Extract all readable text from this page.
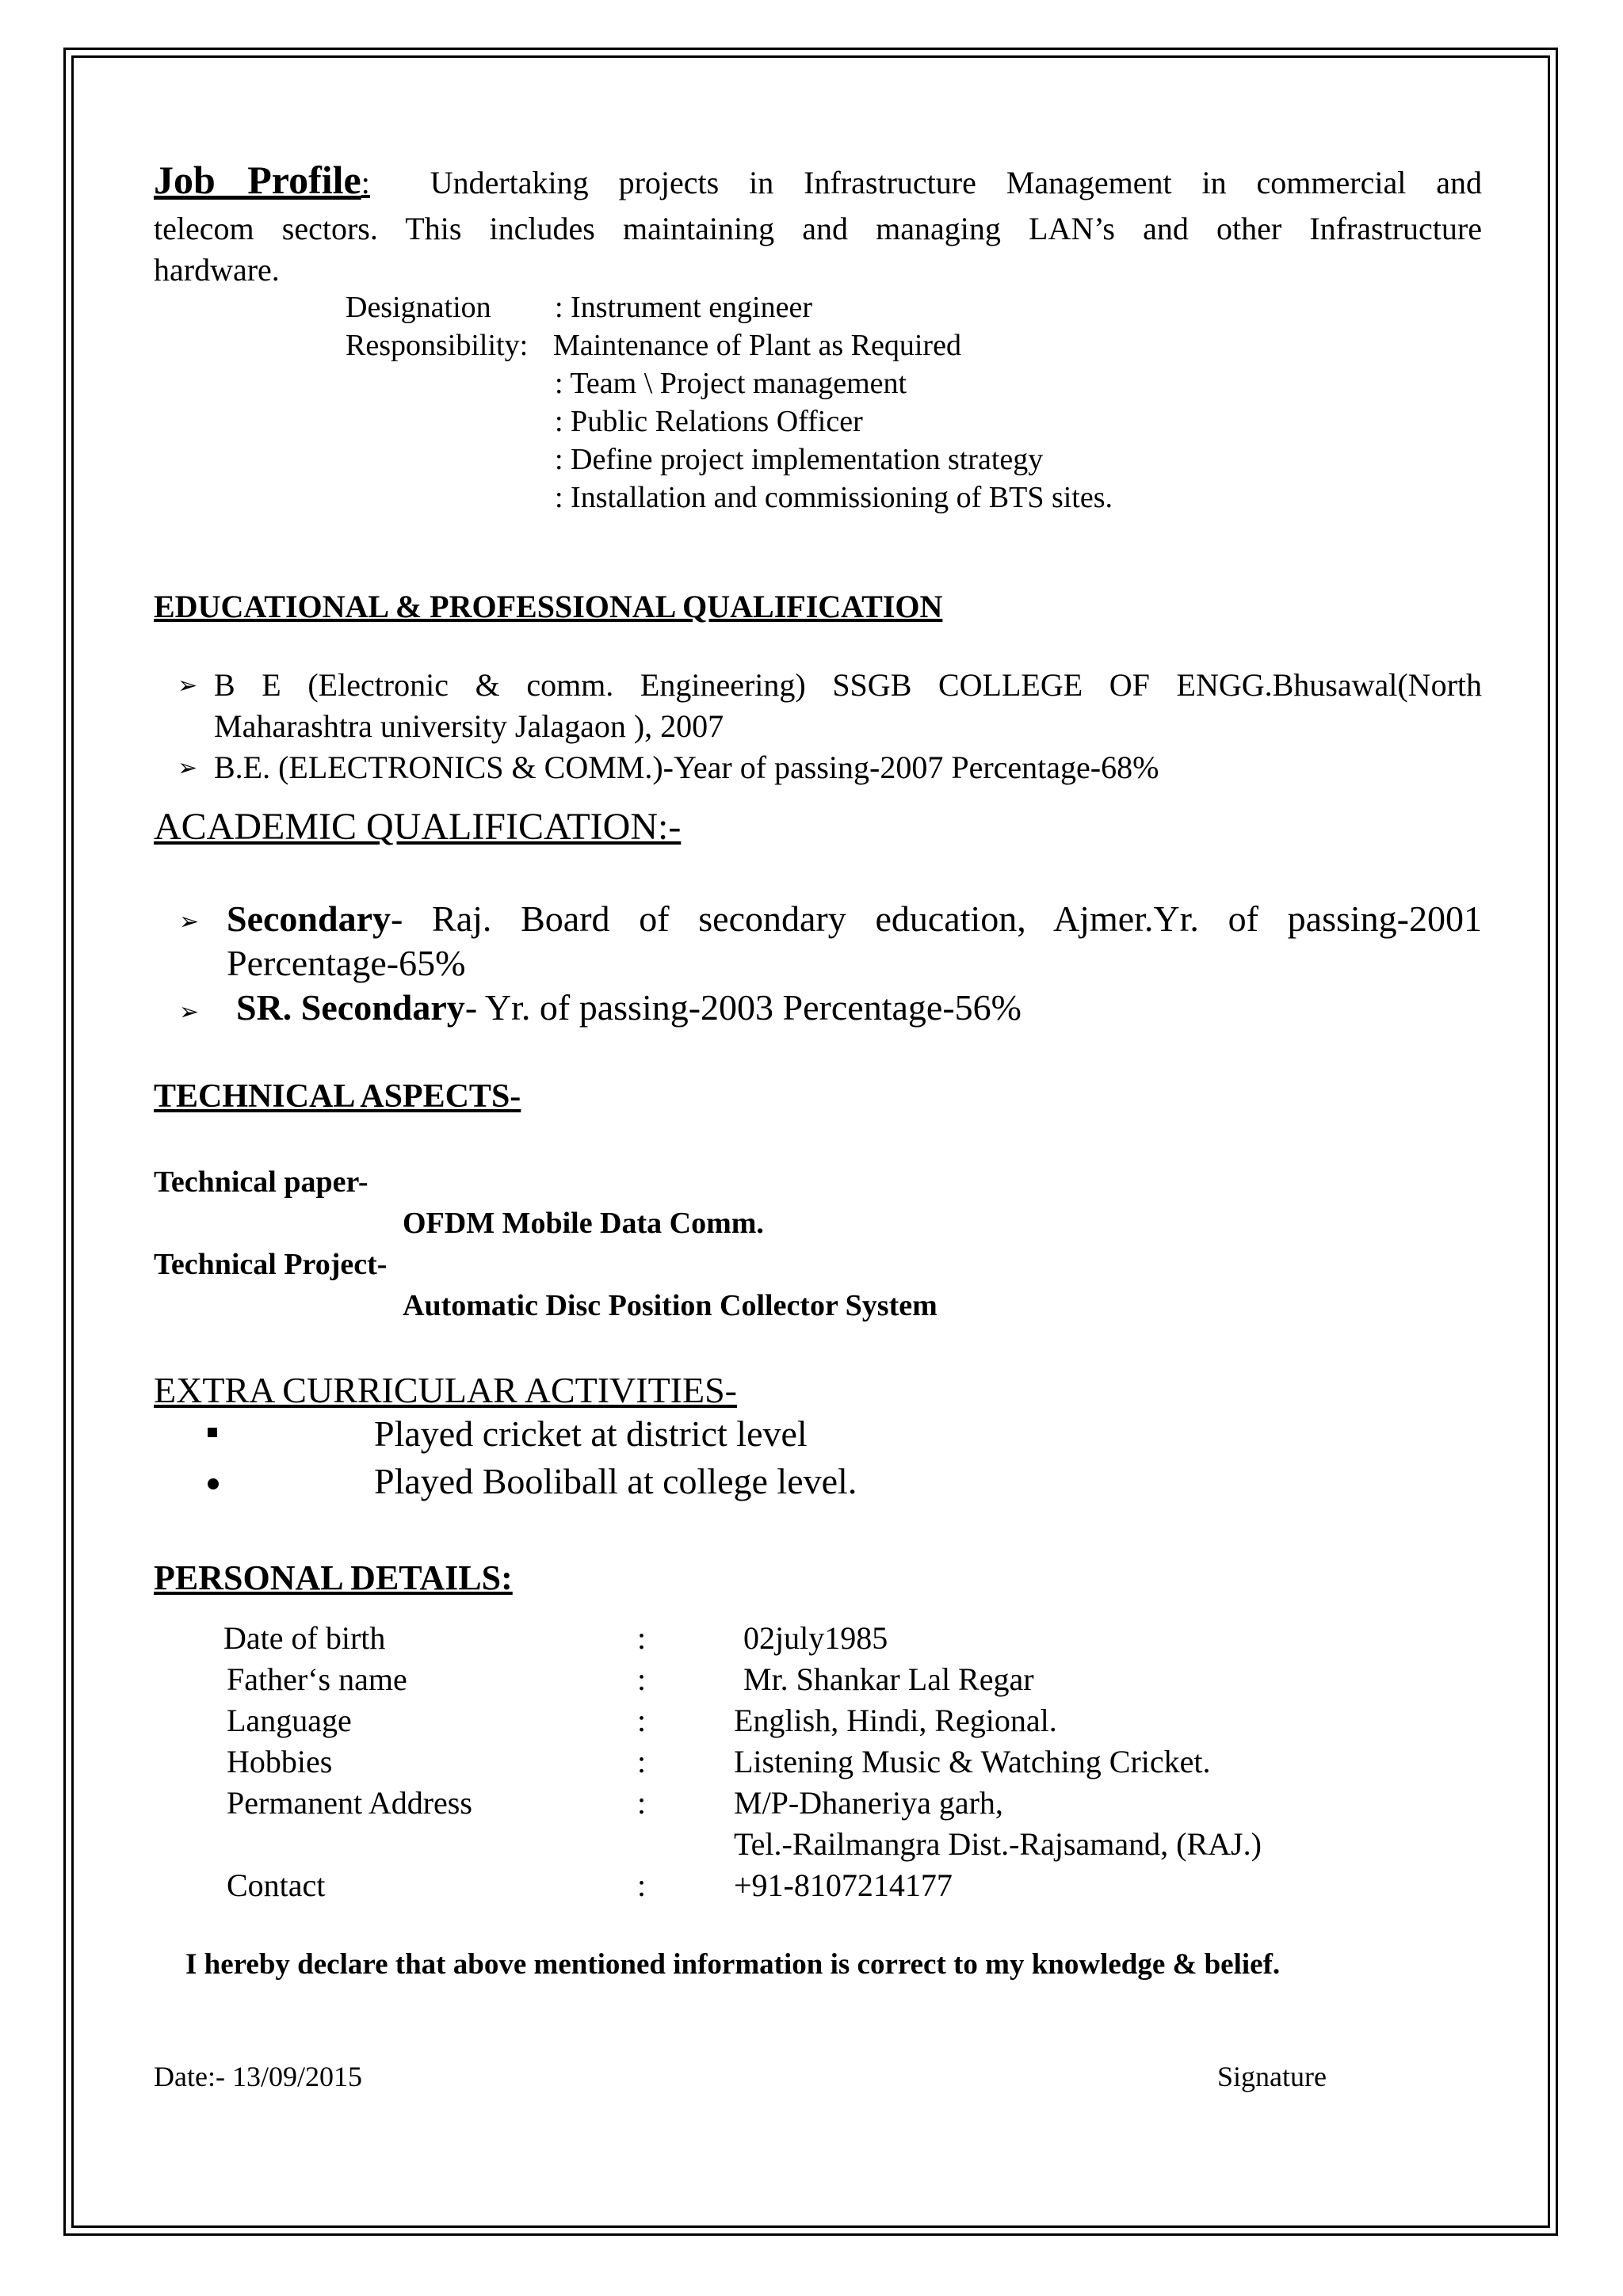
Job Profile: Undertaking projects in Infrastructure Management in commercial and
telecom sectors. This includes maintaining and managing LAN’s and other Infrastructure
hardware.
Designation : Instrument engineer
Responsibility: Maintenance of Plant as Required
: Team \ Project management
: Public Relations Officer
: Define project implementation strategy
: Installation and commissioning of BTS sites.
EDUCATIONAL & PROFESSIONAL QUALIFICATION
➢ B E (Electronic & comm. Engineering) SSGB COLLEGE OF ENGG.Bhusawal(North
Maharashtra university Jalagaon ), 2007
➢ B.E. (ELECTRONICS & COMM.)-Year of passing-2007 Percentage-68%
ACADEMIC QUALIFICATION:-
➢ Secondary- Raj. Board of secondary education, Ajmer.Yr. of passing-2001
Percentage-65%
➢ SR. Secondary- Yr. of passing-2003 Percentage-56%
TECHNICAL ASPECTS-
Technical paper-
OFDM Mobile Data Comm.
Technical Project-
Automatic Disc Position Collector System
EXTRA CURRICULAR ACTIVITIES-
Played cricket at district level
Played Booliball at college level.
PERSONAL DETAILS:
Date of birth	:	02july1985
Father‘s name	:	Mr. Shankar Lal Regar
Language	:	English, Hindi, Regional.
Hobbies	:	Listening Music & Watching Cricket.
Permanent Address	:	M/P-Dhaneriya garh,
Tel.-Railmangra Dist.-Rajsamand, (RAJ.)
Contact	:	+91-8107214177
I hereby declare that above mentioned information is correct to my knowledge & belief.
Date:- 13/09/2015	Signature
